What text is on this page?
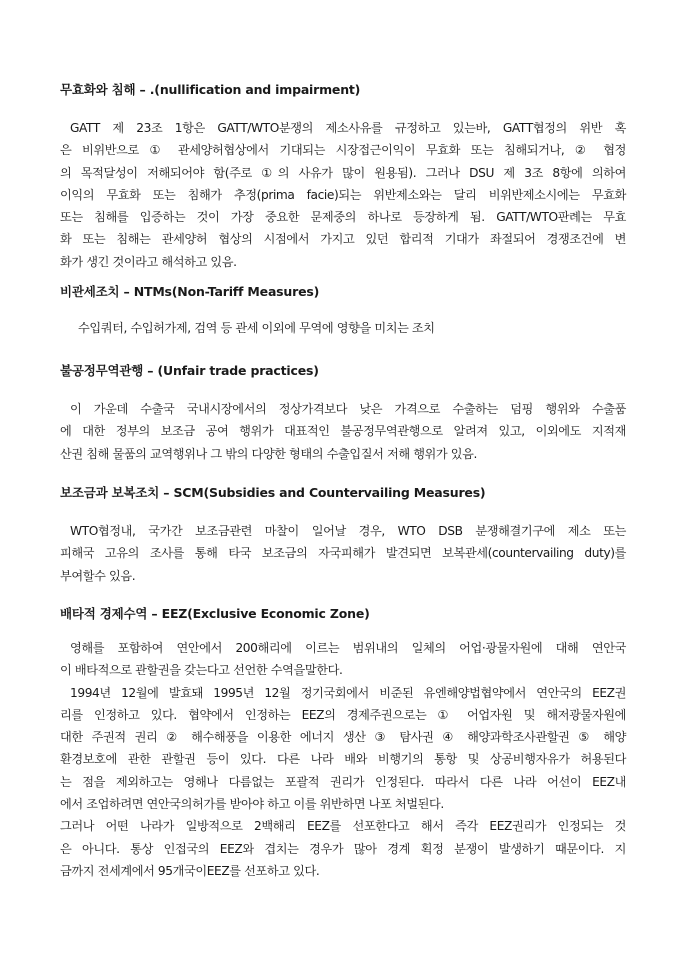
무효화와 침해 – .(nullification and impairment)
GATT 제 23조 1항은 GATT/WTO분쟁의 제소사유를 규정하고 있는바, GATT협정의 위반 혹
은 비위반으로 ① 관세양허협상에서 기대되는 시장접근이익이 무효화 또는 침해되거나, ② 협정
의 목적달성이 저해되어야 함(주로 ①의 사유가 많이 원용됨). 그러나 DSU 제 3조 8항에 의하여
이익의 무효화 또는 침해가 추정(prima facie)되는 위반제소와는 달리 비위반제소시에는 무효화
또는 침해를 입증하는 것이 가장 중요한 문제중의 하나로 등장하게 됨. GATT/WTO판례는 무효
화 또는 침해는 관세양허 협상의 시점에서 가지고 있던 합리적 기대가 좌절되어 경쟁조건에 변
화가 생긴 것이라고 해석하고 있음.
비관세조치 – NTMs(Non-Tariff Measures)
수입쿼터, 수입허가제, 검역 등 관세 이외에 무역에 영향을 미치는 조치
불공정무역관행 – (Unfair trade practices)
이 가운데 수출국 국내시장에서의 정상가격보다 낮은 가격으로 수출하는 덤핑 행위와 수출품
에 대한 정부의 보조금 공여 행위가 대표적인 불공정무역관행으로 알려져 있고, 이외에도 지적재
산권 침해 물품의 교역행위나 그 밖의 다양한 형태의 수출입질서 저해 행위가 있음.
보조금과 보복조치 – SCM(Subsidies and Countervailing Measures)
WTO협정내, 국가간 보조금관련 마찰이 일어날 경우, WTO DSB 분쟁해결기구에 제소 또는
피해국 고유의 조사를 통해 타국 보조금의 자국피해가 발견되면 보복관세(countervailing duty)를
부여할수 있음.
배타적 경제수역 – EEZ(Exclusive Economic Zone)
영해를 포함하여 연안에서 200해리에 이르는 범위내의 일체의 어업·광물자원에 대해 연안국
이 배타적으로 관할권을 갖는다고 선언한 수역을말한다.
1994년 12월에 발효돼 1995년 12월 정기국회에서 비준된 유엔해양법협약에서 연안국의 EEZ권
리를 인정하고 있다. 협약에서 인정하는 EEZ의 경제주권으로는 ① 어업자원 및 해저광물자원에
대한 주권적 권리 ② 해수해풍을 이용한 에너지 생산 ③ 탐사권 ④ 해양과학조사관할권 ⑤ 해양
환경보호에 관한 관할권 등이 있다. 다른 나라 배와 비행기의 통항 및 상공비행자유가 허용된다
는 점을 제외하고는 영해나 다름없는 포괄적 권리가 인정된다. 따라서 다른 나라 어선이 EEZ내
에서 조업하려면 연안국의허가를 받아야 하고 이를 위반하면 나포 처벌된다.
그러나 어떤 나라가 일방적으로 2백해리 EEZ를 선포한다고 해서 즉각 EEZ권리가 인정되는 것
은 아니다. 통상 인접국의 EEZ와 겹치는 경우가 많아 경계 획정 분쟁이 발생하기 때문이다. 지
금까지 전세계에서 95개국이EEZ를 선포하고 있다.
